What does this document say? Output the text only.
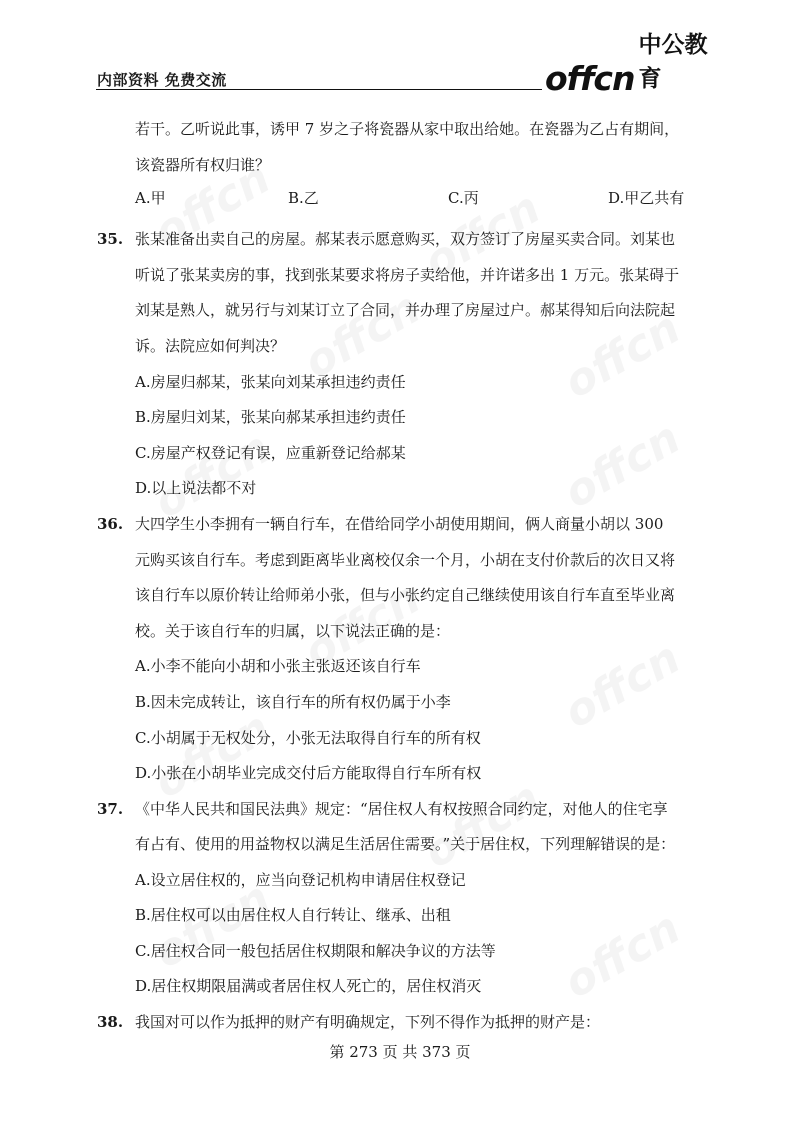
内部资料 免费交流	offcn
中公教育
若干。乙听说此事，诱甲 7 岁之子将瓷器从家中取出给她。在瓷器为乙占有期间，
该瓷器所有权归谁？
A.甲	B.乙	C.丙	D.甲乙共有
35. 张某准备出卖自己的房屋。郝某表示愿意购买，双方签订了房屋买卖合同。刘某也
听说了张某卖房的事，找到张某要求将房子卖给他，并许诺多出 1 万元。张某碍于
刘某是熟人，就另行与刘某订立了合同，并办理了房屋过户。郝某得知后向法院起
诉。法院应如何判决？
A.房屋归郝某，张某向刘某承担违约责任
B.房屋归刘某，张某向郝某承担违约责任
C.房屋产权登记有误，应重新登记给郝某
D.以上说法都不对
36. 大四学生小李拥有一辆自行车，在借给同学小胡使用期间，俩人商量小胡以 300
元购买该自行车。考虑到距离毕业离校仅余一个月，小胡在支付价款后的次日又将
该自行车以原价转让给师弟小张，但与小张约定自己继续使用该自行车直至毕业离
校。关于该自行车的归属，以下说法正确的是：
A.小李不能向小胡和小张主张返还该自行车
B.因未完成转让，该自行车的所有权仍属于小李
C.小胡属于无权处分，小张无法取得自行车的所有权
D.小张在小胡毕业完成交付后方能取得自行车所有权
37. 《中华人民共和国民法典》规定：“居住权人有权按照合同约定，对他人的住宅享
有占有、使用的用益物权以满足生活居住需要。”关于居住权，下列理解错误的是：
A.设立居住权的，应当向登记机构申请居住权登记
B.居住权可以由居住权人自行转让、继承、出租
C.居住权合同一般包括居住权期限和解决争议的方法等
D.居住权期限届满或者居住权人死亡的，居住权消灭
38. 我国对可以作为抵押的财产有明确规定，下列不得作为抵押的财产是：
第 273 页 共 373 页
